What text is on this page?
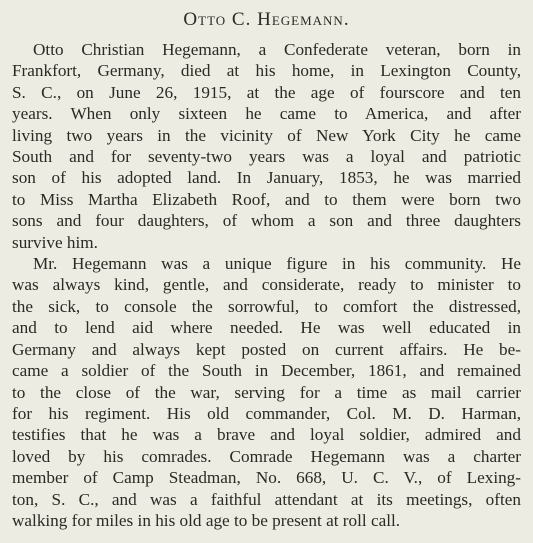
Otto C. Hegemann.
Otto Christian Hegemann, a Confederate veteran, born in
Frankfort, Germany, died at his home, in Lexington County,
S. C., on June 26, 1915, at the age of fourscore and ten
years. When only sixteen he came to America, and after
living two years in the vicinity of New York City he came
South and for seventy-two years was a loyal and patriotic
son of his adopted land. In January, 1853, he was married
to Miss Martha Elizabeth Roof, and to them were born two
sons and four daughters, of whom a son and three daughters
survive him.
Mr. Hegemann was a unique figure in his community. He
was always kind, gentle, and considerate, ready to minister to
the sick, to console the sorrowful, to comfort the distressed,
and to lend aid where needed. He was well educated in
Germany and always kept posted on current affairs. He be-
came a soldier of the South in December, 1861, and remained
to the close of the war, serving for a time as mail carrier
for his regiment. His old commander, Col. M. D. Harman,
testifies that he was a brave and loyal soldier, admired and
loved by his comrades. Comrade Hegemann was a charter
member of Camp Steadman, No. 668, U. C. V., of Lexing-
ton, S. C., and was a faithful attendant at its meetings, often
walking for miles in his old age to be present at roll call.
